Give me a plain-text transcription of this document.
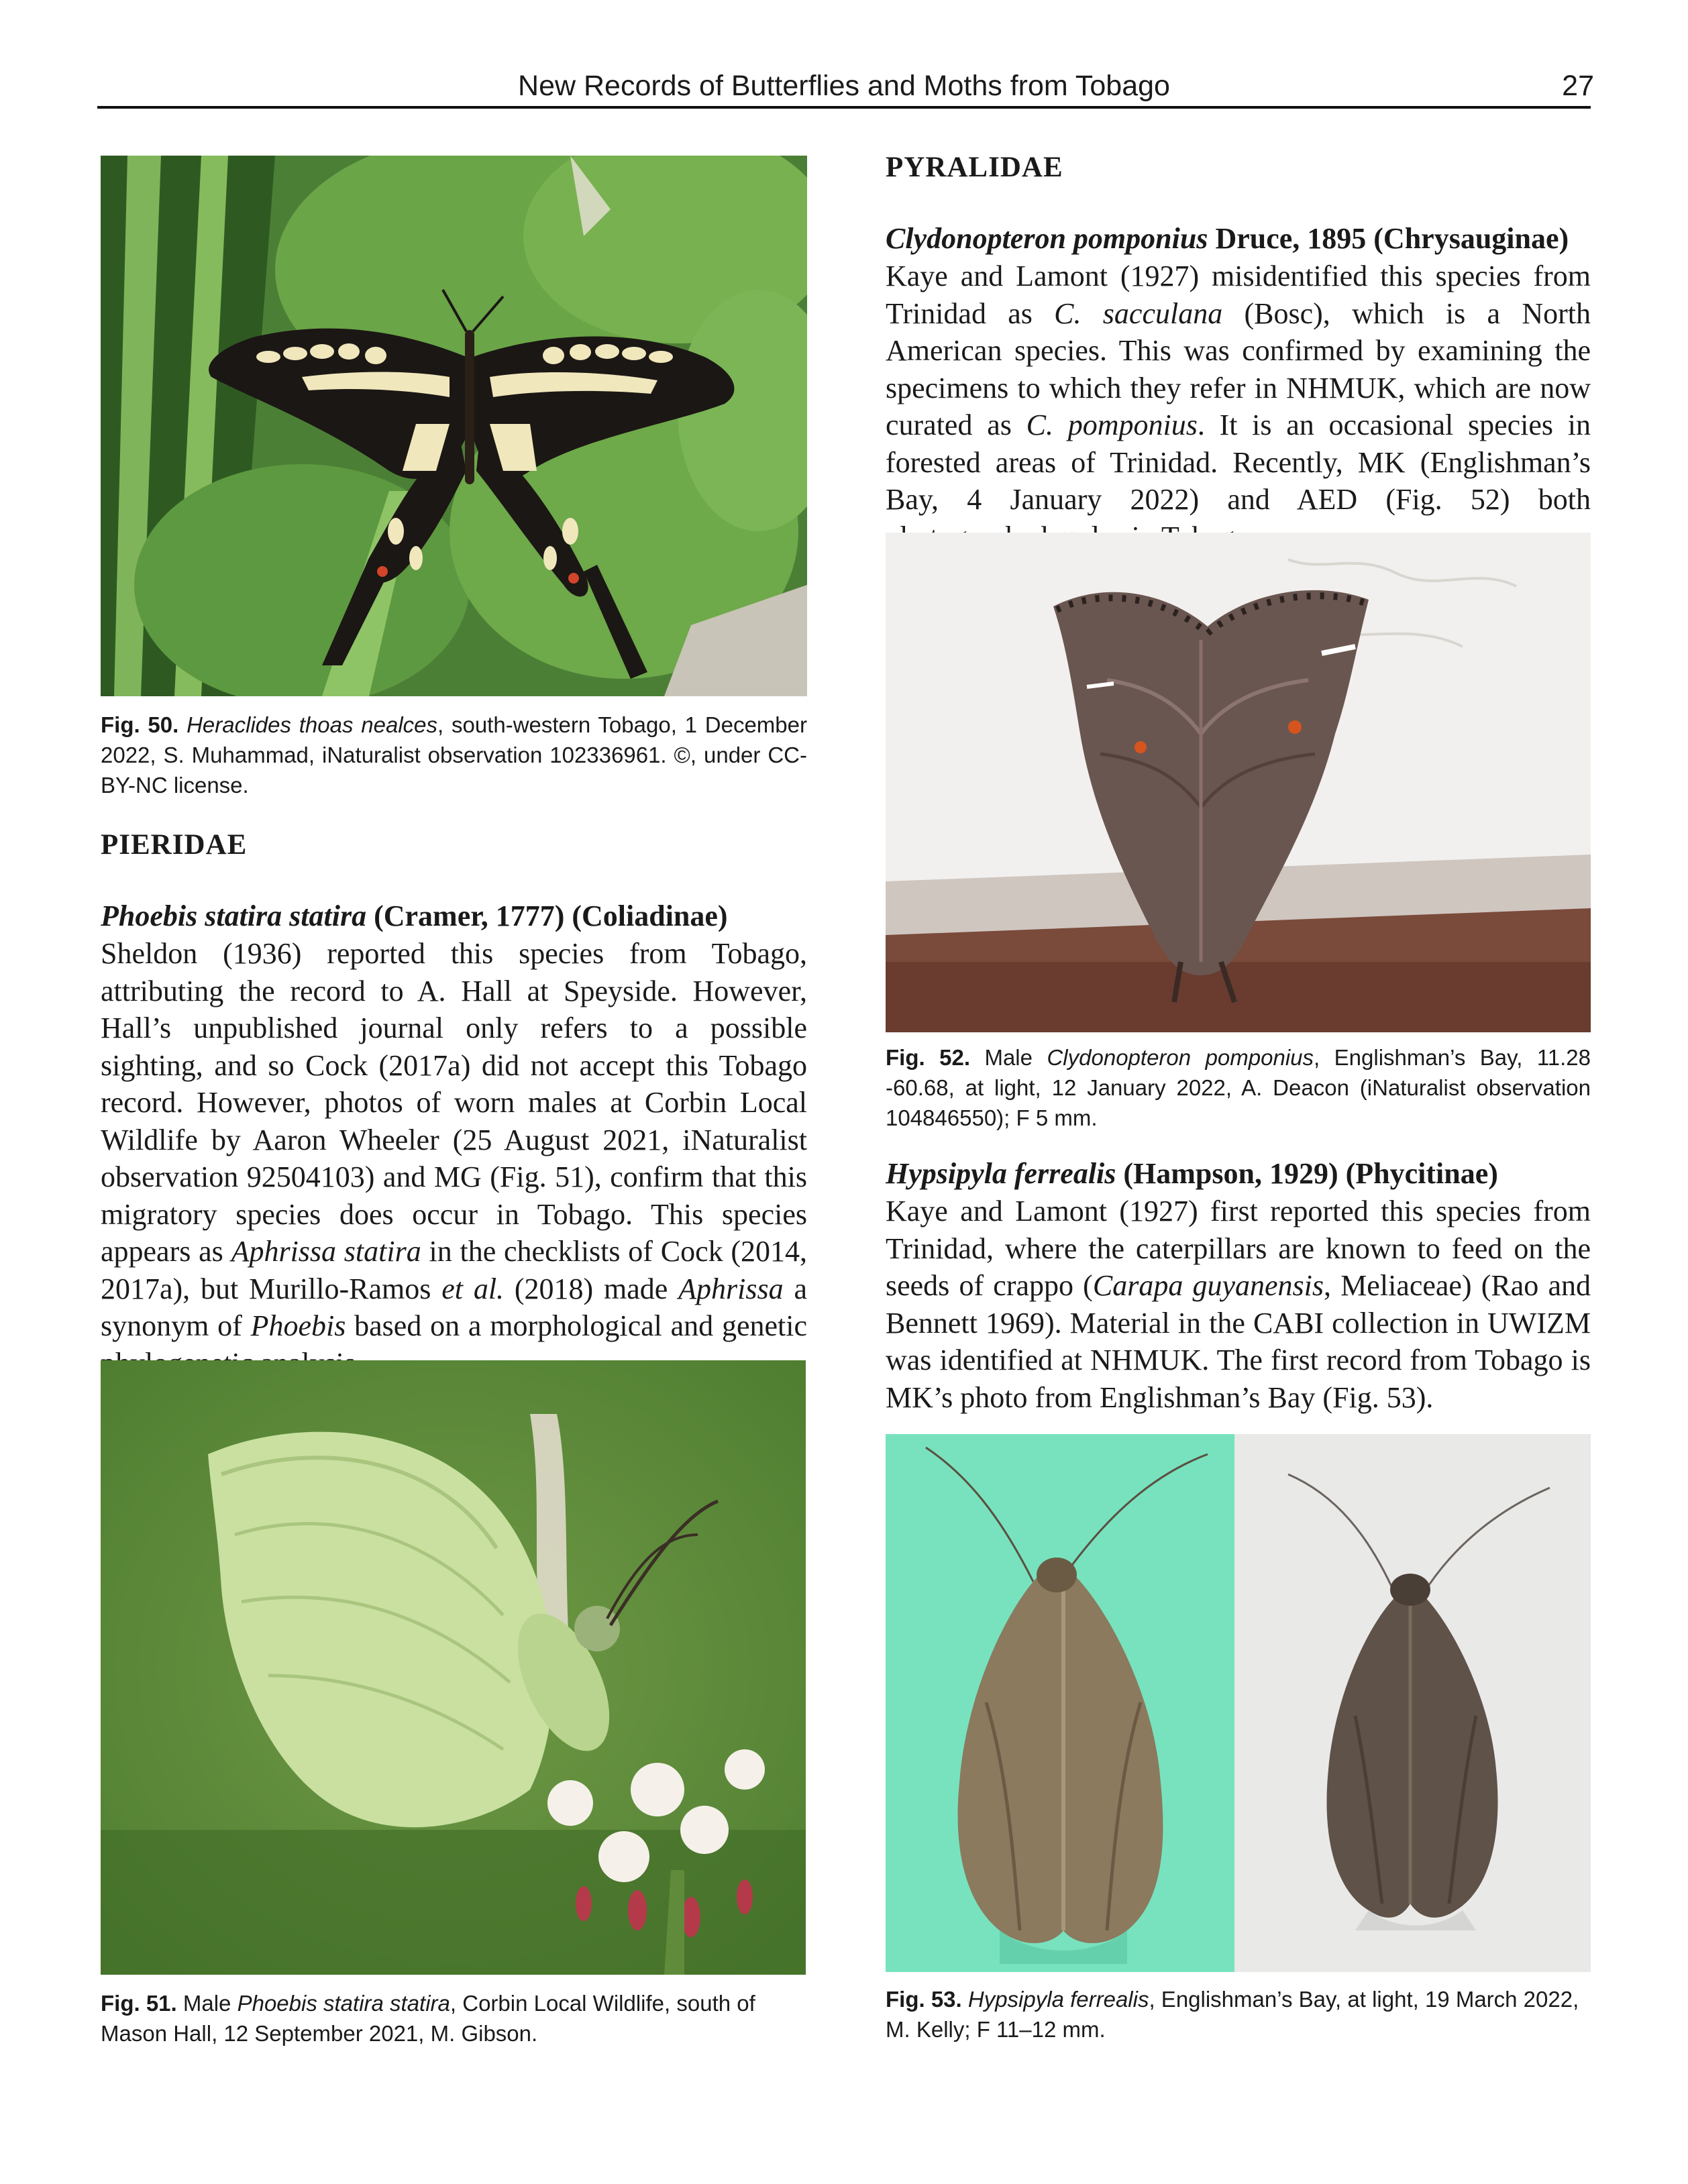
New Records of Butterflies and Moths from Tobago	27
Fig. 50. Heraclides thoas nealces, south-western Tobago, 1 December 2022, S. Muhammad, iNaturalist observation 102336961. ©, under CC-BY-NC license.
PIERIDAE
Phoebis statira statira (Cramer, 1777) (Coliadinae)

Sheldon (1936) reported this species from Tobago, attributing the record to A. Hall at Speyside. However, Hall’s unpublished journal only refers to a possible sighting, and so Cock (2017a) did not accept this Tobago record. However, photos of worn males at Corbin Local Wildlife by Aaron Wheeler (25 August 2021, iNaturalist observation 92504103) and MG (Fig. 51), confirm that this migratory species does occur in Tobago. This species appears as Aphrissa statira in the checklists of Cock (2014, 2017a), but Murillo-Ramos et al. (2018) made Aphrissa a synonym of Phoebis based on a morphological and genetic

Fig. 51. Male Phoebis statira statira, Corbin Local Wildlife, south of Mason Hall, 12 September 2021, M. Gibson.
PYRALIDAE
Clydonopteron pomponius Druce, 1895 (Chrysauginae)

Kaye and Lamont (1927) misidentified this species from Trinidad as C. sacculana (Bosc), which is a North American species. This was confirmed by examining the specimens to which they refer in NHMUK, which are now curated as C. pomponius. It is an occasional species in forested areas of Trinidad. Recently, MK (Englishman’s Bay, 4 January 2022) and AED (Fig. 52) both

Fig. 52. Male Clydonopteron pomponius, Englishman’s Bay, 11.28 -60.68, at light, 12 January 2022, A. Deacon (iNaturalist observation 104846550); F 5 mm.
Hypsipyla ferrealis (Hampson, 1929) (Phycitinae)

Kaye and Lamont (1927) first reported this species from Trinidad, where the caterpillars are known to feed on the seeds of crappo (Carapa guyanensis, Meliaceae) (Rao and Bennett 1969). Material in the CABI collection in UWIZM was identified at NHMUK. The first record from Tobago is MK’s photo from Englishman’s Bay (Fig. 53).

Fig. 53. Hypsipyla ferrealis, Englishman’s Bay, at light, 19 March 2022, M. Kelly; F 11–12 mm.
